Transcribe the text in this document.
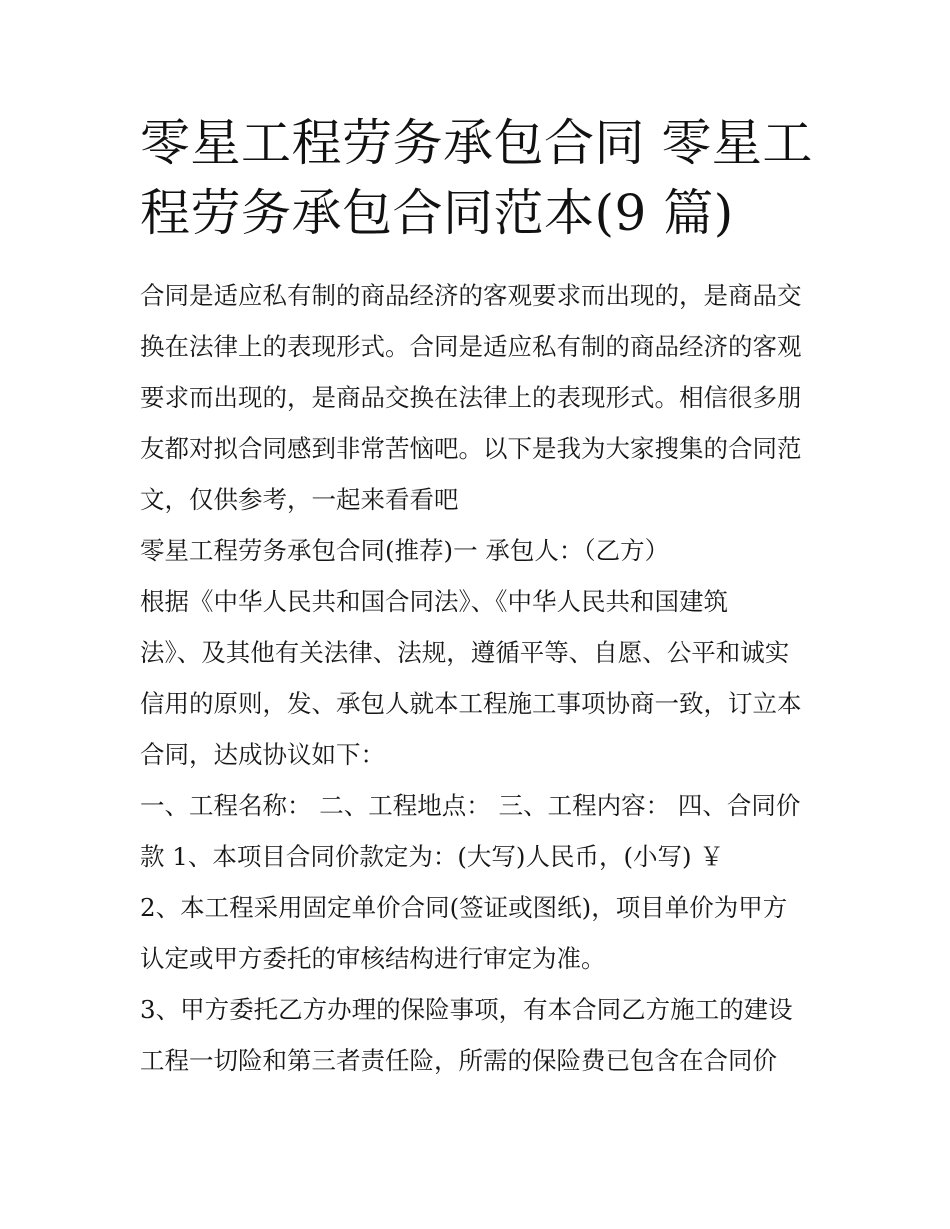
零星工程劳务承包合同 零星工
程劳务承包合同范本(9 篇)

合同是适应私有制的商品经济的客观要求而出现的，是商品交

换在法律上的表现形式。合同是适应私有制的商品经济的客观

要求而出现的，是商品交换在法律上的表现形式。相信很多朋

友都对拟合同感到非常苦恼吧。以下是我为大家搜集的合同范

文，仅供参考，一起来看看吧

零星工程劳务承包合同(推荐)一 承包人：（乙方）

根据《中华人民共和国合同法》、《中华人民共和国建筑

法》、及其他有关法律、法规，遵循平等、自愿、公平和诚实

信用的原则，发、承包人就本工程施工事项协商一致，订立本

合同，达成协议如下：

一、工程名称： 二、工程地点： 三、工程内容： 四、合同价

款 1、本项目合同价款定为：(大写)人民币，(小写) ￥

2、本工程采用固定单价合同(签证或图纸)，项目单价为甲方

认定或甲方委托的审核结构进行审定为准。

3、甲方委托乙方办理的保险事项，有本合同乙方施工的建设

工程一切险和第三者责任险，所需的保险费已包含在合同价
